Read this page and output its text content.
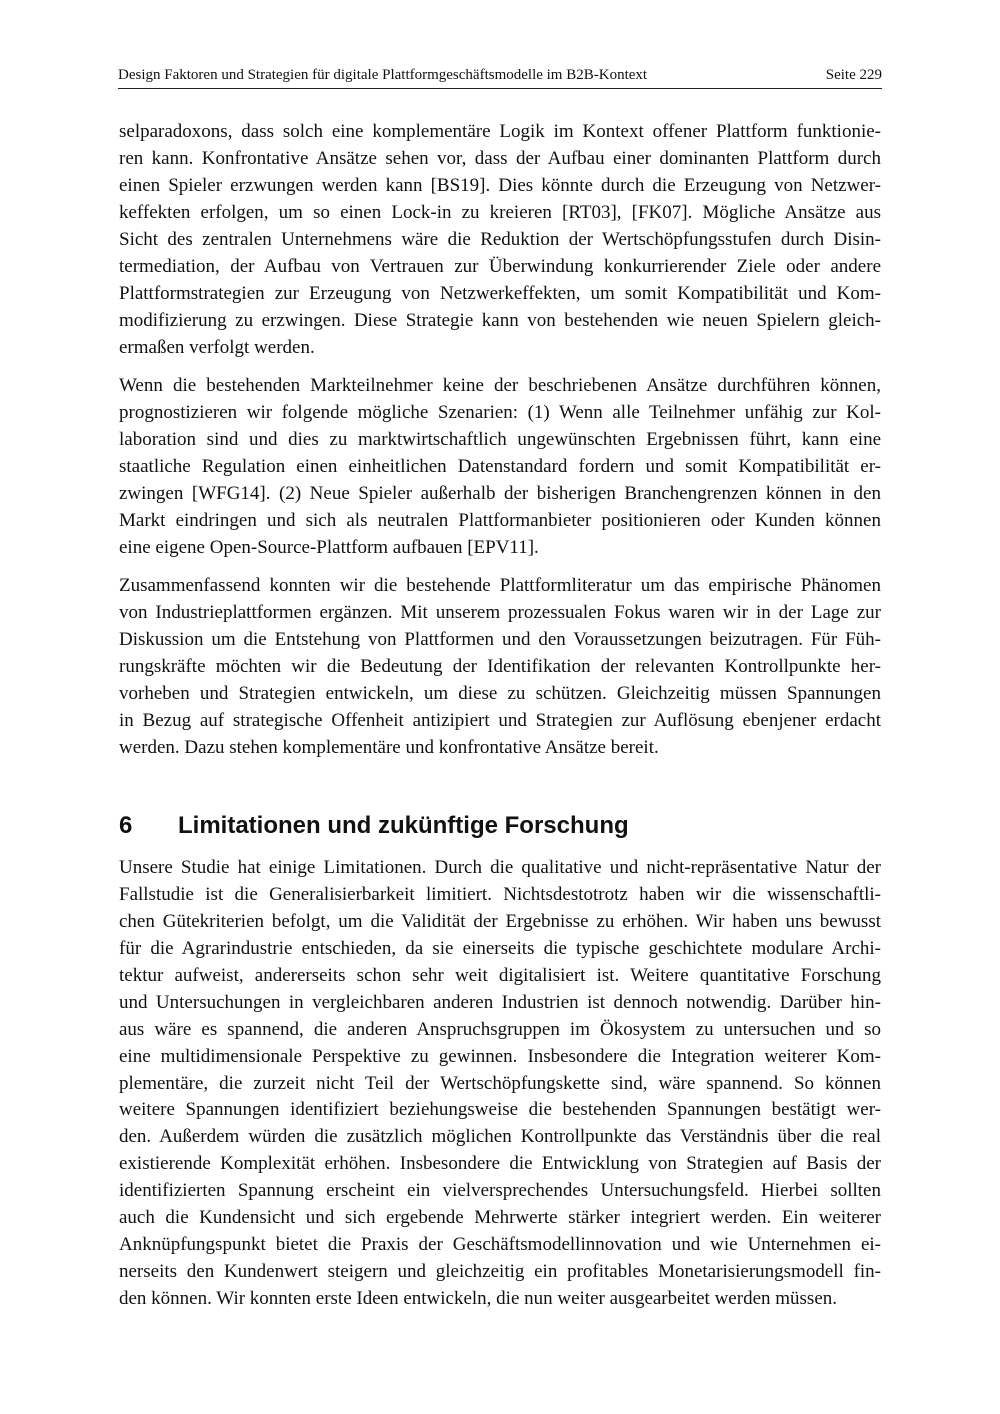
Design Faktoren und Strategien für digitale Plattformgeschäftsmodelle im B2B-Kontext	Seite 229
selparadoxons, dass solch eine komplementäre Logik im Kontext offener Plattform funktionie-
ren kann. Konfrontative Ansätze sehen vor, dass der Aufbau einer dominanten Plattform durch
einen Spieler erzwungen werden kann [BS19]. Dies könnte durch die Erzeugung von Netzwer-
keffekten erfolgen, um so einen Lock-in zu kreieren [RT03], [FK07]. Mögliche Ansätze aus
Sicht des zentralen Unternehmens wäre die Reduktion der Wertschöpfungsstufen durch Disin-
termediation, der Aufbau von Vertrauen zur Überwindung konkurrierender Ziele oder andere
Plattformstrategien zur Erzeugung von Netzwerkeffekten, um somit Kompatibilität und Kom-
modifizierung zu erzwingen. Diese Strategie kann von bestehenden wie neuen Spielern gleich-
ermaßen verfolgt werden.
Wenn die bestehenden Markteilnehmer keine der beschriebenen Ansätze durchführen können,
prognostizieren wir folgende mögliche Szenarien: (1) Wenn alle Teilnehmer unfähig zur Kol-
laboration sind und dies zu marktwirtschaftlich ungewünschten Ergebnissen führt, kann eine
staatliche Regulation einen einheitlichen Datenstandard fordern und somit Kompatibilität er-
zwingen [WFG14]. (2) Neue Spieler außerhalb der bisherigen Branchengrenzen können in den
Markt eindringen und sich als neutralen Plattformanbieter positionieren oder Kunden können
eine eigene Open-Source-Plattform aufbauen [EPV11].
Zusammenfassend konnten wir die bestehende Plattformliteratur um das empirische Phänomen
von Industrieplattformen ergänzen. Mit unserem prozessualen Fokus waren wir in der Lage zur
Diskussion um die Entstehung von Plattformen und den Voraussetzungen beizutragen. Für Füh-
rungskräfte möchten wir die Bedeutung der Identifikation der relevanten Kontrollpunkte her-
vorheben und Strategien entwickeln, um diese zu schützen. Gleichzeitig müssen Spannungen
in Bezug auf strategische Offenheit antizipiert und Strategien zur Auflösung ebenjener erdacht
werden. Dazu stehen komplementäre und konfrontative Ansätze bereit.
6 Limitationen und zukünftige Forschung
Unsere Studie hat einige Limitationen. Durch die qualitative und nicht-repräsentative Natur der
Fallstudie ist die Generalisierbarkeit limitiert. Nichtsdestotrotz haben wir die wissenschaftli-
chen Gütekriterien befolgt, um die Validität der Ergebnisse zu erhöhen. Wir haben uns bewusst
für die Agrarindustrie entschieden, da sie einerseits die typische geschichtete modulare Archi-
tektur aufweist, andererseits schon sehr weit digitalisiert ist. Weitere quantitative Forschung
und Untersuchungen in vergleichbaren anderen Industrien ist dennoch notwendig. Darüber hin-
aus wäre es spannend, die anderen Anspruchsgruppen im Ökosystem zu untersuchen und so
eine multidimensionale Perspektive zu gewinnen. Insbesondere die Integration weiterer Kom-
plementäre, die zurzeit nicht Teil der Wertschöpfungskette sind, wäre spannend. So können
weitere Spannungen identifiziert beziehungsweise die bestehenden Spannungen bestätigt wer-
den. Außerdem würden die zusätzlich möglichen Kontrollpunkte das Verständnis über die real
existierende Komplexität erhöhen. Insbesondere die Entwicklung von Strategien auf Basis der
identifizierten Spannung erscheint ein vielversprechendes Untersuchungsfeld. Hierbei sollten
auch die Kundensicht und sich ergebende Mehrwerte stärker integriert werden. Ein weiterer
Anknüpfungspunkt bietet die Praxis der Geschäftsmodellinnovation und wie Unternehmen ei-
nerseits den Kundenwert steigern und gleichzeitig ein profitables Monetarisierungsmodell fin-
den können. Wir konnten erste Ideen entwickeln, die nun weiter ausgearbeitet werden müssen.
